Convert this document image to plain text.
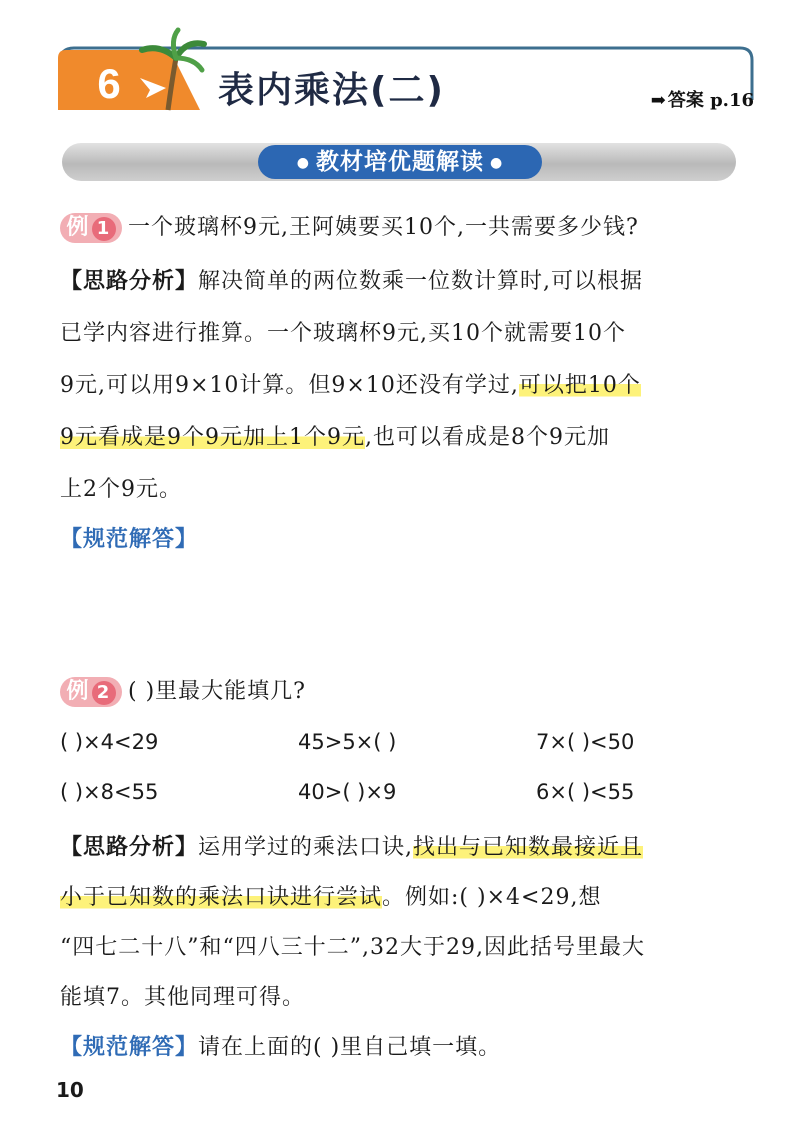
6	表内乘法(二)	➡ 答案 p.16
● 教材培优题解读 ●
例 1 一个玻璃杯9元,王阿姨要买10个,一共需要多少钱?
【思路分析】解决简单的两位数乘一位数计算时,可以根据
已学内容进行推算。一个玻璃杯9元,买10个就需要10个
9元,可以用9×10计算。但9×10还没有学过,可以把10个
9元看成是9个9元加上1个9元,也可以看成是8个9元加
上2个9元。
【规范解答】
例 2 ( )里最大能填几?
( )×4<29	45>5×( )	7×( )<50
( )×8<55	40>( )×9	6×( )<55
【思路分析】运用学过的乘法口诀,找出与已知数最接近且
小于已知数的乘法口诀进行尝试。例如:( )×4<29,想
“四七二十八”和“四八三十二”,32大于29,因此括号里最大
能填7。其他同理可得。
【规范解答】请在上面的( )里自己填一填。
10
